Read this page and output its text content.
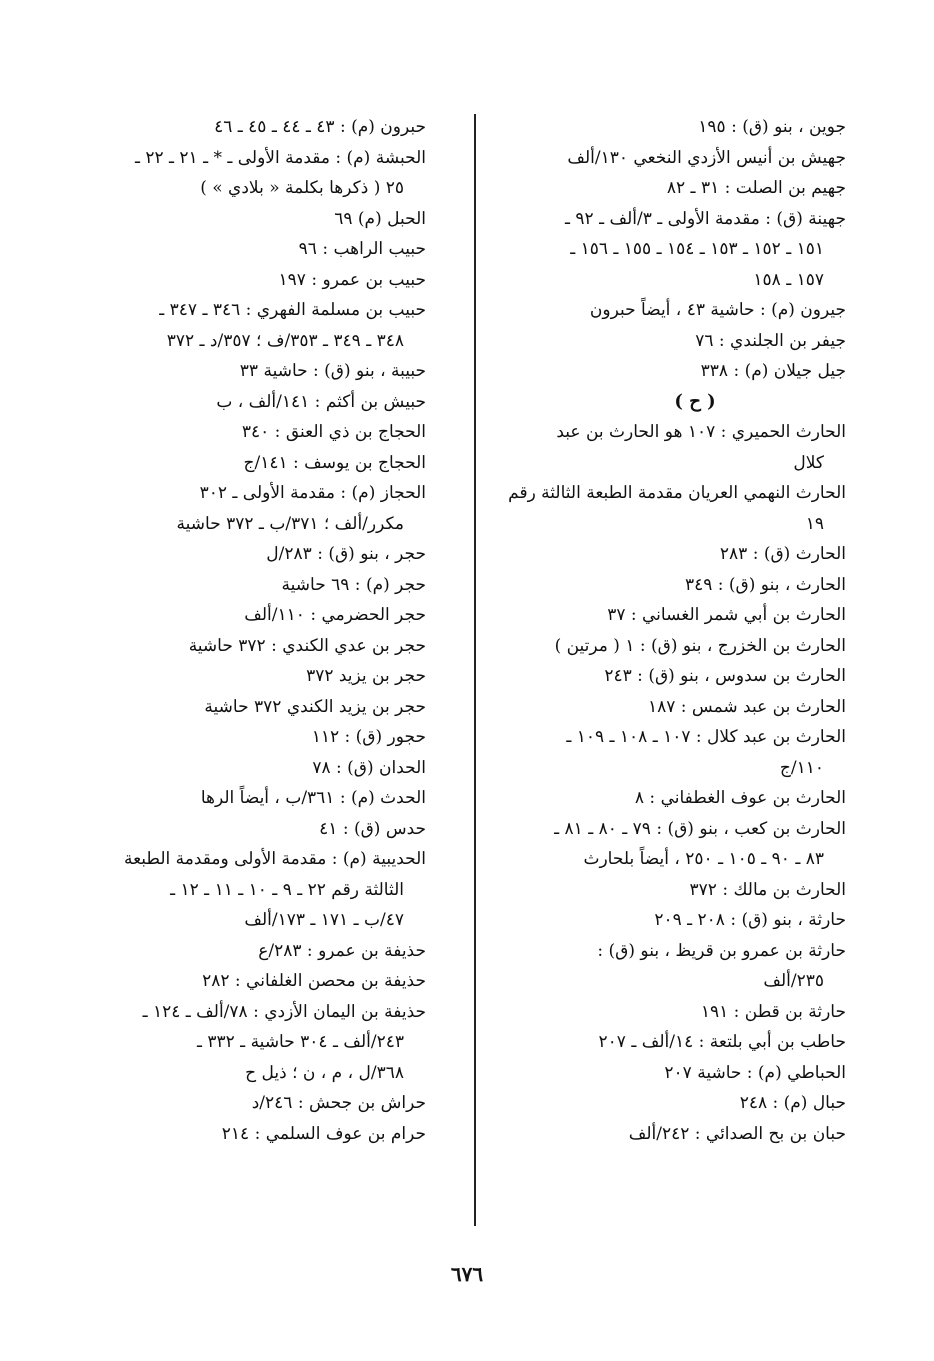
جوين ، بنو (ق) : ١٩٥
جهيش بن أنيس الأزدي النخعي ١٣٠/ألف
جهيم بن الصلت : ٣١ ـ ٨٢
جهينة (ق) : مقدمة الأولى ـ ٣/ألف ـ ٩٢ ـ
١٥١ ـ ١٥٢ ـ ١٥٣ ـ ١٥٤ ـ ١٥٥ ـ ١٥٦ ـ
١٥٧ ـ ١٥٨
جيرون (م) : حاشية ٤٣ ، أيضاً حبرون
جيفر بن الجلندي : ٧٦
جيل جيلان (م) : ٣٣٨
( ح )
الحارث الحميري : ١٠٧ هو الحارث بن عبد
كلال
الحارث النهمي العريان مقدمة الطبعة الثالثة رقم
١٩
الحارث (ق) : ٢٨٣
الحارث ، بنو (ق) : ٣٤٩
الحارث بن أبي شمر الغساني : ٣٧
الحارث بن الخزرج ، بنو (ق) : ١ ( مرتين )
الحارث بن سدوس ، بنو (ق) : ٢٤٣
الحارث بن عبد شمس : ١٨٧
الحارث بن عبد كلال : ١٠٧ ـ ١٠٨ ـ ١٠٩ ـ
١١٠/ج
الحارث بن عوف الغطفاني : ٨
الحارث بن كعب ، بنو (ق) : ٧٩ ـ ٨٠ ـ ٨١ ـ
٨٣ ـ ٩٠ ـ ١٠٥ ـ ٢٥٠ ، أيضاً بلحارث
الحارث بن مالك : ٣٧٢
حارثة ، بنو (ق) : ٢٠٨ ـ ٢٠٩
حارثة بن عمرو بن قريظ ، بنو (ق) :
٢٣٥/ألف
حارثة بن قطن : ١٩١
حاطب بن أبي بلتعة : ١٤/ألف ـ ٢٠٧
الحباطي (م) : حاشية ٢٠٧
حبال (م) : ٢٤٨
حبان بن بح الصدائي : ٢٤٢/ألف
حبرون (م) : ٤٣ ـ ٤٤ ـ ٤٥ ـ ٤٦
الحبشة (م) : مقدمة الأولى ـ * ـ ٢١ ـ ٢٢ ـ
٢٥ ( ذكرها بكلمة « بلادي » )
الحبل (م) ٦٩
حبيب الراهب : ٩٦
حبيب بن عمرو : ١٩٧
حبيب بن مسلمة الفهري : ٣٤٦ ـ ٣٤٧ ـ
٣٤٨ ـ ٣٤٩ ـ ٣٥٣/ف ؛ ٣٥٧/د ـ ٣٧٢
حبيبة ، بنو (ق) : حاشية ٣٣
حبيش بن أكثم : ١٤١/ألف ، ب
الحجاج بن ذي العنق : ٣٤٠
الحجاج بن يوسف : ١٤١/ج
الحجاز (م) : مقدمة الأولى ـ ٣٠٢
مكرر/ألف ؛ ٣٧١/ب ـ ٣٧٢ حاشية
حجر ، بنو (ق) : ٢٨٣/ل
حجر (م) : ٦٩ حاشية
حجر الحضرمي : ١١٠/ألف
حجر بن عدي الكندي : ٣٧٢ حاشية
حجر بن يزيد ٣٧٢
حجر بن يزيد الكندي ٣٧٢ حاشية
حجور (ق) : ١١٢
الحدان (ق) : ٧٨
الحدث (م) : ٣٦١/ب ، أيضاً الرها
حدس (ق) : ٤١
الحديبية (م) : مقدمة الأولى ومقدمة الطبعة
الثالثة رقم ٢٢ ـ ٩ ـ ١٠ ـ ١١ ـ ١٢ ـ
٤٧/ب ـ ١٧١ ـ ١٧٣/ألف
حذيفة بن عمرو : ٢٨٣/ع
حذيفة بن محصن الغلفاني : ٢٨٢
حذيفة بن اليمان الأزدي : ٧٨/ألف ـ ١٢٤ ـ
٢٤٣/ألف ـ ٣٠٤ حاشية ـ ٣٣٢ ـ
٣٦٨/ل ، م ، ن ؛ ذيل ح
حراش بن جحش : ٢٤٦/د
حرام بن عوف السلمي : ٢١٤
٦٧٦
